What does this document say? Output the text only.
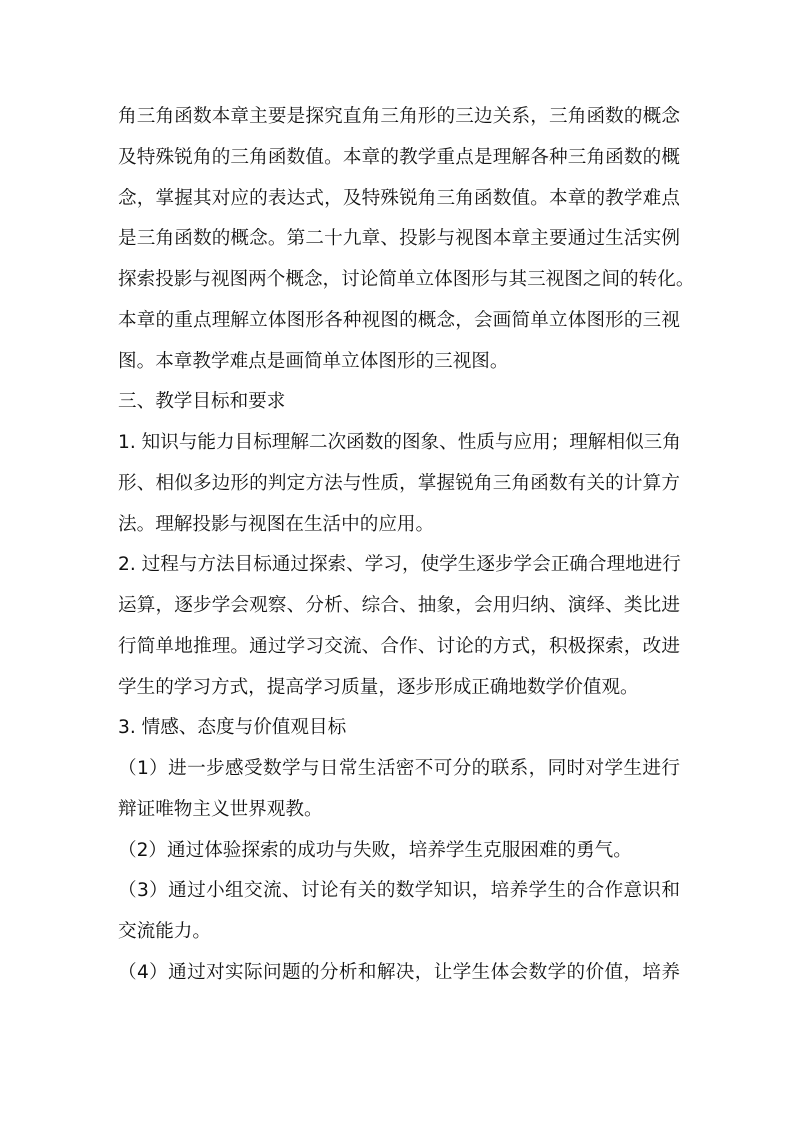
角三角函数本章主要是探究直角三角形的三边关系，三角函数的概念
及特殊锐角的三角函数值。本章的教学重点是理解各种三角函数的概
念，掌握其对应的表达式，及特殊锐角三角函数值。本章的教学难点
是三角函数的概念。第二十九章、投影与视图本章主要通过生活实例
探索投影与视图两个概念，讨论简单立体图形与其三视图之间的转化。
本章的重点理解立体图形各种视图的概念，会画简单立体图形的三视
图。本章教学难点是画简单立体图形的三视图。
三、教学目标和要求
1. 知识与能力目标理解二次函数的图象、性质与应用；理解相似三角
形、相似多边形的判定方法与性质，掌握锐角三角函数有关的计算方
法。理解投影与视图在生活中的应用。
2. 过程与方法目标通过探索、学习，使学生逐步学会正确合理地进行
运算，逐步学会观察、分析、综合、抽象，会用归纳、演绎、类比进
行简单地推理。通过学习交流、合作、讨论的方式，积极探索，改进
学生的学习方式，提高学习质量，逐步形成正确地数学价值观。
3. 情感、态度与价值观目标
（1）进一步感受数学与日常生活密不可分的联系，同时对学生进行
辩证唯物主义世界观教。
（2）通过体验探索的成功与失败，培养学生克服困难的勇气。
（3）通过小组交流、讨论有关的数学知识，培养学生的合作意识和
交流能力。
（4）通过对实际问题的分析和解决，让学生体会数学的价值，培养
